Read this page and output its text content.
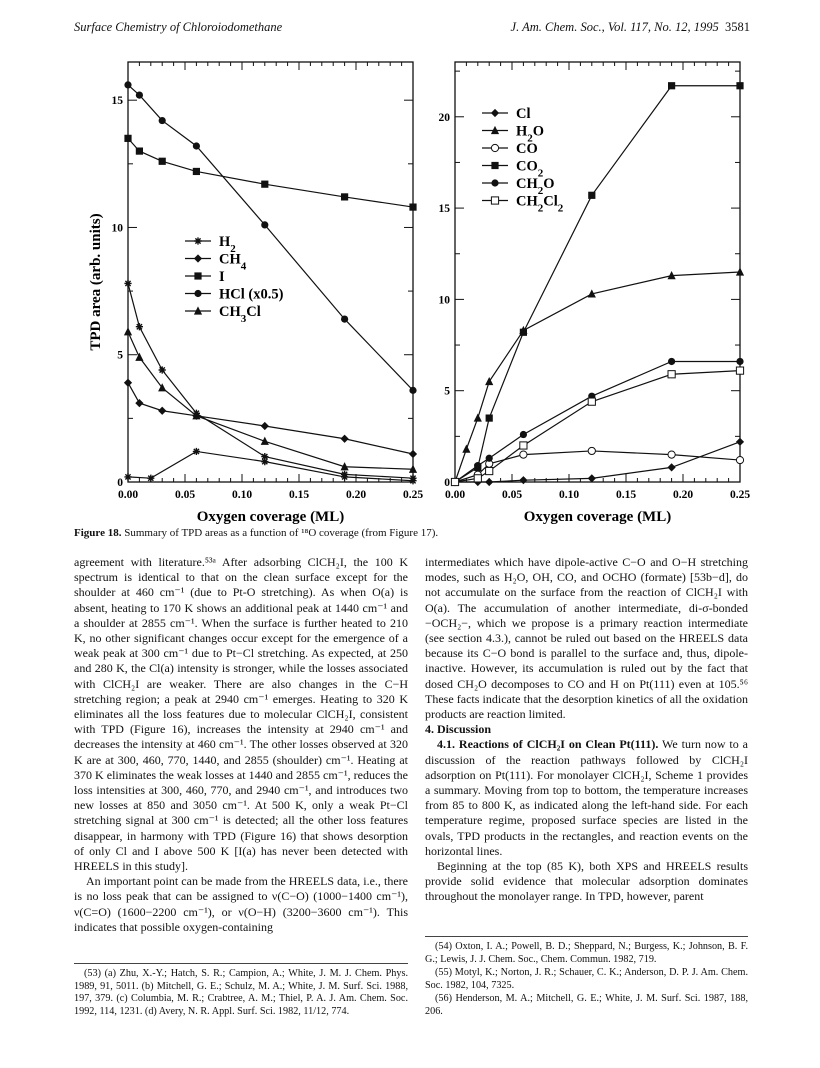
Surface Chemistry of Chloroiodomethane	J. Am. Chem. Soc., Vol. 117, No. 12, 1995 3581
0.00	0.05	0.10	0.15	0.20	0.25
0
5
10
15
Oxygen coverage (ML)
TPD area (arb. units)	$H_2$
$CH_4$
I
HCl (x0.5)
$CH_3Cl$
0.00	0.05	0.10	0.15	0.20	0.25
0
5
10
15
20
Oxygen coverage (ML)
Cl
$H_2O$
CO
$CO_2$
$CH_2O$
$CH_2Cl_2$
Figure 18. Summary of TPD areas as a function of ¹⁸O coverage (from Figure 17).

agreement with literature.⁵³ᵃ After adsorbing ClCH₂I, the 100 K spectrum is identical to that on the clean surface except for the shoulder at 460 cm⁻¹ (due to Pt-O stretching). As when O(a) is absent, heating to 170 K shows an additional peak at 1440 cm⁻¹ and a shoulder at 2855 cm⁻¹. When the surface is further heated to 210 K, no other significant changes occur except for the emergence of a weak peak at 300 cm⁻¹ due to Pt−Cl stretching. As expected, at 250 and 280 K, the Cl(a) intensity is stronger, while the losses associated with ClCH₂I are weaker. There are also changes in the C−H stretching region; a peak at 2940 cm⁻¹ emerges. Heating to 320 K eliminates all the loss features due to molecular ClCH₂I, consistent with TPD (Figure 16), increases the intensity at 2940 cm⁻¹ and decreases the intensity at 460 cm⁻¹. The other losses observed at 320 K are at 300, 460, 770, 1440, and 2855 (shoulder) cm⁻¹. Heating at 370 K eliminates the weak losses at 1440 and 2855 cm⁻¹, reduces the loss intensities at 300, 460, 770, and 2940 cm⁻¹, and introduces two new losses at 850 and 3050 cm⁻¹. At 500 K, only a weak Pt−Cl stretching signal at 300 cm⁻¹ is detected; all the other loss features disappear, in harmony with TPD (Figure 16) that shows desorption of only Cl and I above 500 K [I(a) has never been detected with HREELS in this study].

An important point can be made from the HREELS data, i.e., there is no loss peak that can be assigned to ν(C−O) (1000−1400 cm⁻¹), ν(C=O) (1600−2200 cm⁻¹), or ν(O−H) (3200−3600 cm⁻¹). This indicates that possible oxygen-containing

intermediates which have dipole-active C−O and O−H stretching modes, such as H₂O, OH, CO, and OCHO (formate) [53b−d], do not accumulate on the surface from the reaction of ClCH₂I with O(a). The accumulation of another intermediate, di-σ-bonded −OCH₂−, which we propose is a primary reaction intermediate (see section 4.3.), cannot be ruled out based on the HREELS data because its C−O bond is parallel to the surface and, thus, dipole-inactive. However, its accumulation is ruled out by the fact that dosed CH₂O decomposes to CO and H on Pt(111) even at 105.⁵⁶ These facts indicate that the desorption kinetics of all the oxidation products are reaction limited.

4. Discussion

4.1. Reactions of ClCH₂I on Clean Pt(111). We turn now to a discussion of the reaction pathways followed by ClCH₂I adsorption on Pt(111). For monolayer ClCH₂I, Scheme 1 provides a summary. Moving from top to bottom, the temperature increases from 85 to 800 K, as indicated along the left-hand side. For each temperature regime, proposed surface species are listed in the ovals, TPD products in the rectangles, and reaction events on the horizontal lines.

Beginning at the top (85 K), both XPS and HREELS results provide solid evidence that molecular adsorption dominates throughout the monolayer range. In TPD, however, parent

(53) (a) Zhu, X.-Y.; Hatch, S. R.; Campion, A.; White, J. M. J. Chem. Phys. 1989, 91, 5011. (b) Mitchell, G. E.; Schulz, M. A.; White, J. M. Surf. Sci. 1988, 197, 379. (c) Columbia, M. R.; Crabtree, A. M.; Thiel, P. A. J. Am. Chem. Soc. 1992, 114, 1231. (d) Avery, N. R. Appl. Surf. Sci. 1982, 11/12, 774.

(54) Oxton, I. A.; Powell, B. D.; Sheppard, N.; Burgess, K.; Johnson, B. F. G.; Lewis, J. J. Chem. Soc., Chem. Commun. 1982, 719.

(55) Motyl, K.; Norton, J. R.; Schauer, C. K.; Anderson, D. P. J. Am. Chem. Soc. 1982, 104, 7325.

(56) Henderson, M. A.; Mitchell, G. E.; White, J. M. Surf. Sci. 1987, 188, 206.
